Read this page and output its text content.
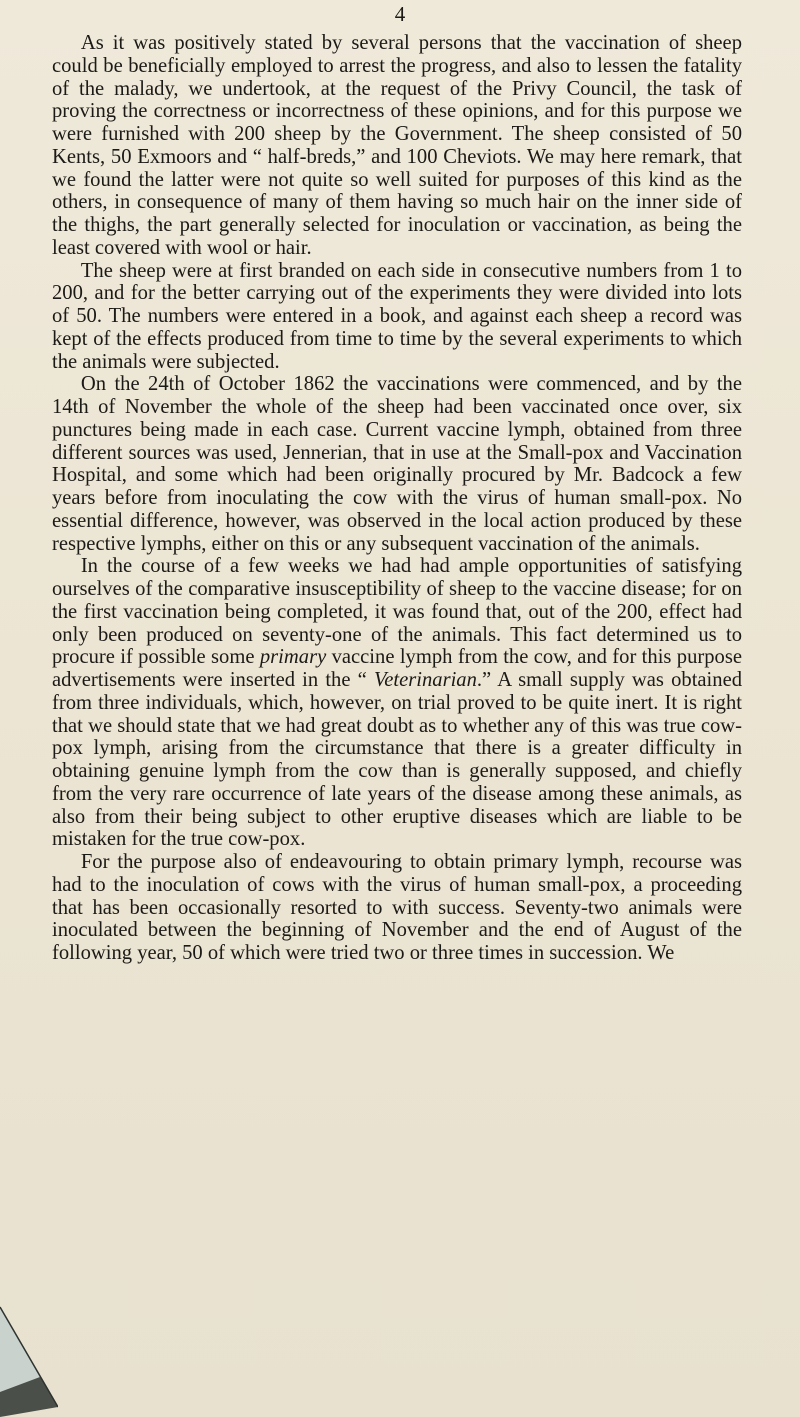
4

As it was positively stated by several persons that the vaccination of sheep could be beneficially employed to arrest the progress, and also to lessen the fatality of the malady, we undertook, at the request of the Privy Council, the task of proving the correctness or incorrectness of these opinions, and for this purpose we were furnished with 200 sheep by the Government. The sheep consisted of 50 Kents, 50 Exmoors and “ half-breds,” and 100 Cheviots. We may here remark, that we found the latter were not quite so well suited for purposes of this kind as the others, in consequence of many of them having so much hair on the inner side of the thighs, the part generally selected for inoculation or vaccination, as being the least covered with wool or hair.

The sheep were at first branded on each side in consecutive numbers from 1 to 200, and for the better carrying out of the experiments they were divided into lots of 50. The numbers were entered in a book, and against each sheep a record was kept of the effects produced from time to time by the several experiments to which the animals were subjected.

On the 24th of October 1862 the vaccinations were commenced, and by the 14th of November the whole of the sheep had been vaccinated once over, six punctures being made in each case. Current vaccine lymph, obtained from three different sources was used, Jennerian, that in use at the Small-pox and Vaccination Hospital, and some which had been originally procured by Mr. Badcock a few years before from inoculating the cow with the virus of human small-pox. No essential difference, however, was observed in the local action produced by these respective lymphs, either on this or any subsequent vaccination of the animals.

In the course of a few weeks we had had ample opportunities of satisfying ourselves of the comparative insusceptibility of sheep to the vaccine disease; for on the first vaccination being completed, it was found that, out of the 200, effect had only been produced on seventy-one of the animals. This fact determined us to procure if possible some primary vaccine lymph from the cow, and for this purpose advertisements were inserted in the “ Veterinarian.” A small supply was obtained from three individuals, which, however, on trial proved to be quite inert. It is right that we should state that we had great doubt as to whether any of this was true cow-pox lymph, arising from the circumstance that there is a greater difficulty in obtaining genuine lymph from the cow than is generally supposed, and chiefly from the very rare occurrence of late years of the disease among these animals, as also from their being subject to other eruptive diseases which are liable to be mistaken for the true cow-pox.

For the purpose also of endeavouring to obtain primary lymph, recourse was had to the inoculation of cows with the virus of human small-pox, a proceeding that has been occasionally resorted to with success. Seventy-two animals were inoculated between the beginning of November and the end of August of the following year, 50 of which were tried two or three times in succession. We
